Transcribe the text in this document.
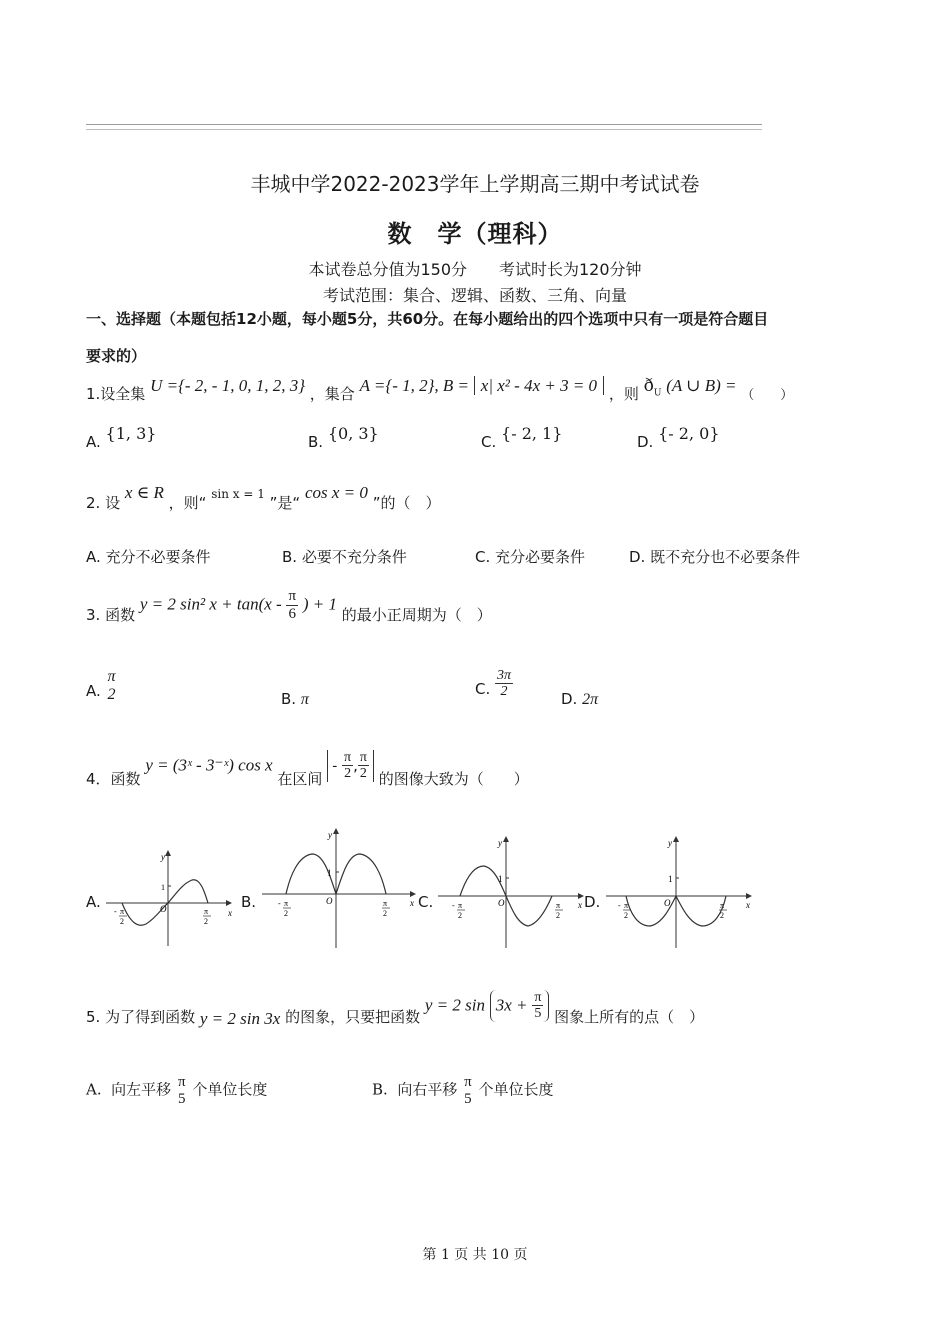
丰城中学2022-2023学年上学期高三期中考试试卷
数　学（理科）
本试卷总分值为150分　　考试时长为120分钟
考试范围：集合、逻辑、函数、三角、向量
一、选择题（本题包括12小题，每小题5分，共60分。在每小题给出的四个选项中只有一项是符合题目
要求的）
1.设全集 U ={- 2, - 1, 0, 1, 2, 3} ，集合 A ={- 1, 2}, B = x| x² - 4x + 3 = 0 ，则 $ð_U$ (A ∪ B) = （　　）
A. {1, 3}	B. {0, 3}	C. {- 2, 1}	D. {- 2, 0}
2. 设 x ∈ R ，则“ $^{sin x = 1}$ ”是“ cos x = 0 ”的（　）
A. 充分不必要条件	B. 必要不充分条件	C. 充分必要条件	D. 既不充分也不必要条件
3. 函数 y = 2 sin² $x + \tan(x - \frac{\pi}{6}$ ) + 1 的最小正周期为（　）
A.
π
2	B. π
C. $\frac{3\pi}{2}$	D. 2π
4．函数 y = (3ˣ - 3⁻ˣ) cos x 在区间 - $\frac{\pi}{2}$ , $\frac{\pi}{2}$ 的图像大致为（　　）
A.	B.	C.	D.
y
x
O
1
- π
2
π
2
y
x
O
1
- π
2
π
2
y
x
O
1
- π
2
π
2
y
x
O
1
- π
2
π
2
5. 为了得到函数 y = 2 sin 3x 的图象，只要把函数 y = 2 $\sin 3x + \frac{\pi}{5}$ 图象上所有的点（　）
A. 向左平移 π
5 个单位长度	B. 向右平移 π
5 个单位长度
第 1 页 共 10 页
